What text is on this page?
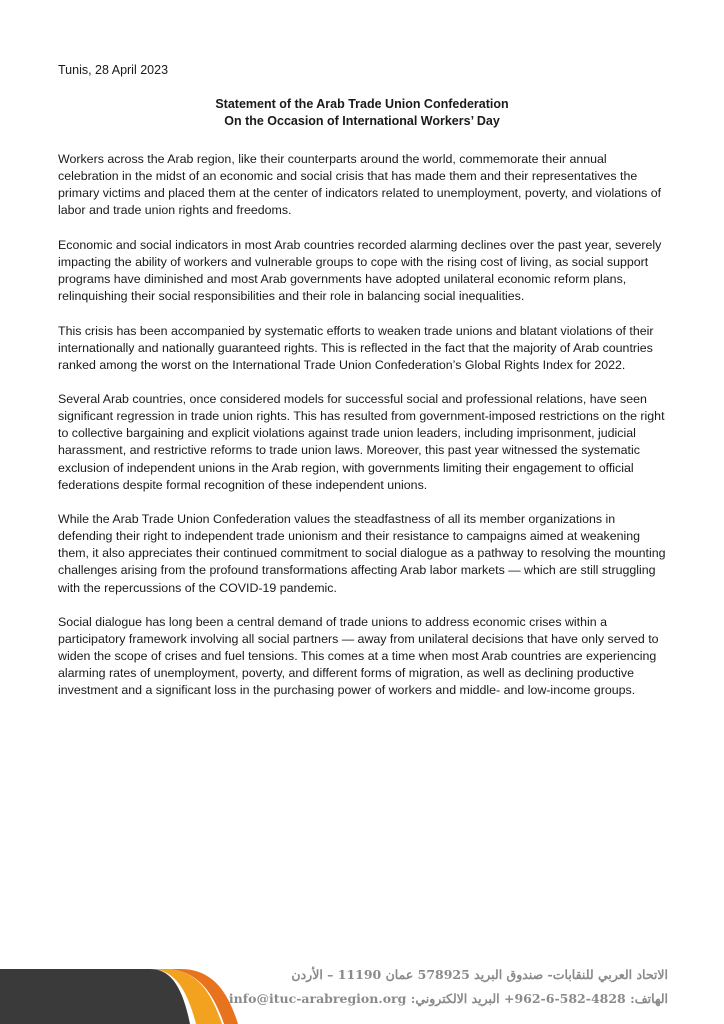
Tunis, 28 April 2023

Statement of the Arab Trade Union Confederation
On the Occasion of International Workers’ Day

Workers across the Arab region, like their counterparts around the world, commemorate their annual celebration in the midst of an economic and social crisis that has made them and their representatives the primary victims and placed them at the center of indicators related to unemployment, poverty, and violations of labor and trade union rights and freedoms.

Economic and social indicators in most Arab countries recorded alarming declines over the past year, severely impacting the ability of workers and vulnerable groups to cope with the rising cost of living, as social support programs have diminished and most Arab governments have adopted unilateral economic reform plans, relinquishing their social responsibilities and their role in balancing social inequalities.

This crisis has been accompanied by systematic efforts to weaken trade unions and blatant violations of their internationally and nationally guaranteed rights. This is reflected in the fact that the majority of Arab countries ranked among the worst on the International Trade Union Confederation’s Global Rights Index for 2022.

Several Arab countries, once considered models for successful social and professional relations, have seen significant regression in trade union rights. This has resulted from government-imposed restrictions on the right to collective bargaining and explicit violations against trade union leaders, including imprisonment, judicial harassment, and restrictive reforms to trade union laws. Moreover, this past year witnessed the systematic exclusion of independent unions in the Arab region, with governments limiting their engagement to official federations despite formal recognition of these independent unions.

While the Arab Trade Union Confederation values the steadfastness of all its member organizations in defending their right to independent trade unionism and their resistance to campaigns aimed at weakening them, it also appreciates their continued commitment to social dialogue as a pathway to resolving the mounting challenges arising from the profound transformations affecting Arab labor markets — which are still struggling with the repercussions of the COVID-19 pandemic.

Social dialogue has long been a central demand of trade unions to address economic crises within a participatory framework involving all social partners — away from unilateral decisions that have only served to widen the scope of crises and fuel tensions. This comes at a time when most Arab countries are experiencing alarming rates of unemployment, poverty, and different forms of migration, as well as declining productive investment and a significant loss in the purchasing power of workers and middle- and low-income groups.

الاتحاد العربي للنقابات- صندوق البريد 578925 عمان 11190 – الأردن
الهاتف: 4828-582-6-962+ البريد الالكتروني: info@ituc-arabregion.org
